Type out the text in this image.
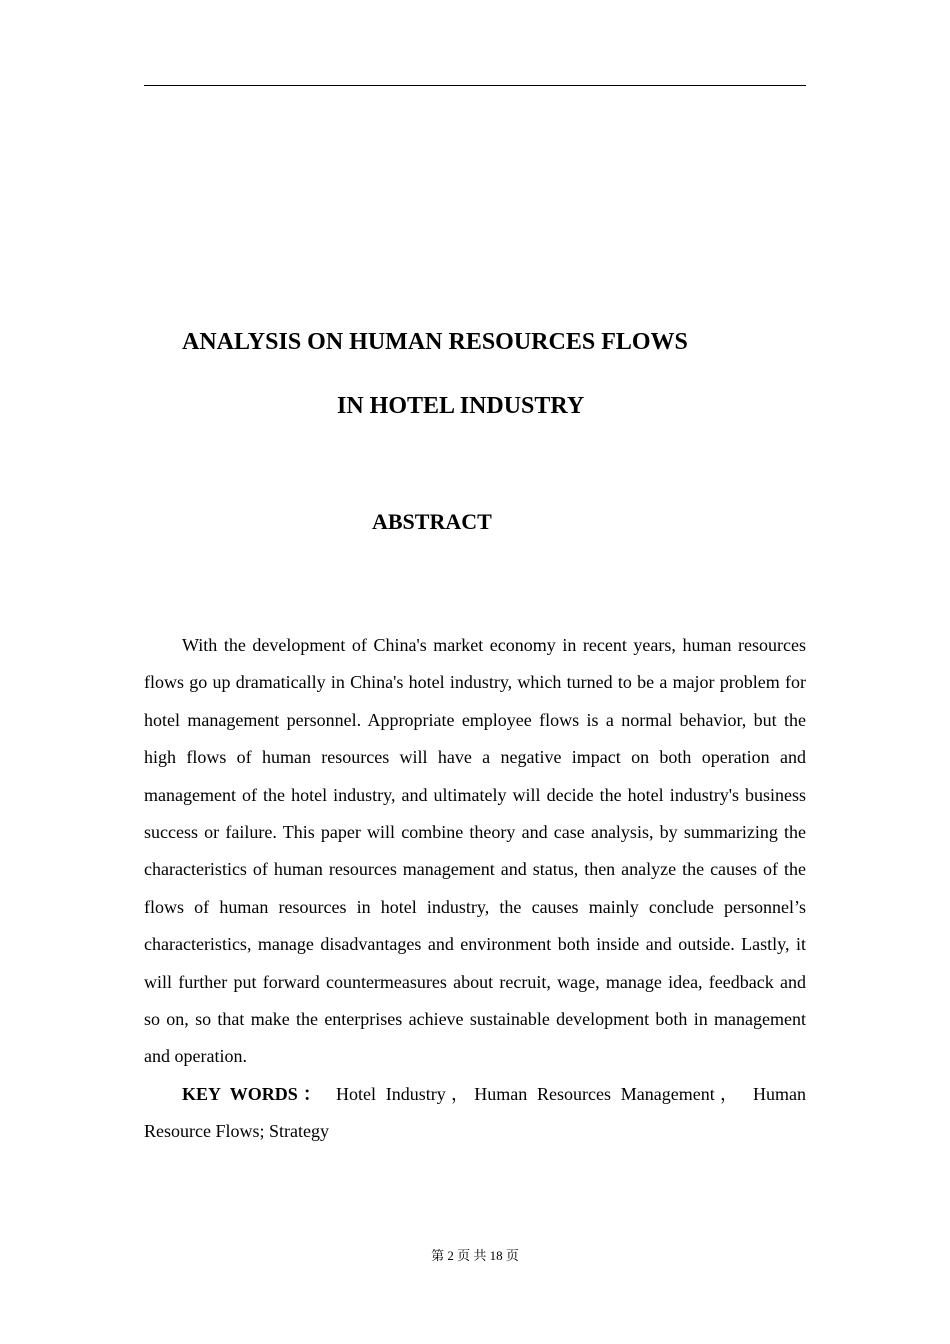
ANALYSIS ON HUMAN RESOURCES FLOWS
IN HOTEL INDUSTRY
ABSTRACT

With the development of China's market economy in recent years, human resources flows go up dramatically in China's hotel industry, which turned to be a major problem for hotel management personnel. Appropriate employee flows is a normal behavior, but the high flows of human resources will have a negative impact on both operation and management of the hotel industry, and ultimately will decide the hotel industry's business success or failure. This paper will combine theory and case analysis, by summarizing the characteristics of human resources management and status, then analyze the causes of the flows of human resources in hotel industry, the causes mainly conclude personnel’s characteristics, manage disadvantages and environment both inside and outside. Lastly, it will further put forward countermeasures about recruit, wage, manage idea, feedback and so on, so that make the enterprises achieve sustainable development both in management and operation.

KEY WORDS： Hotel Industry，Human Resources Management， Human Resource Flows; Strategy

第 2 页 共 18 页
